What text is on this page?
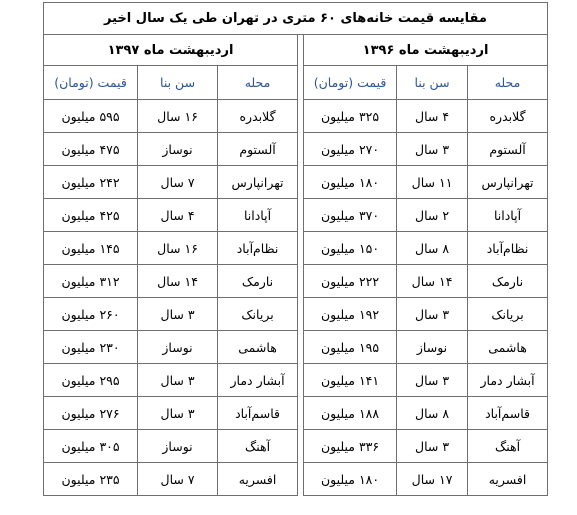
مقایسه قیمت خانه‌های ۶۰ متری در تهران طی یک سال اخیر						
اردیبهشت ماه ۱۳۹۶				اردیبهشت ماه ۱۳۹۷		
محله	سن بنا	قیمت (تومان)		محله	سن بنا	قیمت (تومان)
گلابدره	۴ سال	۳۲۵ میلیون		گلابدره	۱۶ سال	۵۹۵ میلیون
آلستوم	۳ سال	۲۷۰ میلیون		آلستوم	نوساز	۴۷۵ میلیون
تهرانپارس	۱۱ سال	۱۸۰ میلیون		تهرانپارس	۷ سال	۲۴۲ میلیون
آپادانا	۲ سال	۳۷۰ میلیون		آپادانا	۴ سال	۴۲۵ میلیون
نظام‌آباد	۸ سال	۱۵۰ میلیون		نظام‌آباد	۱۶ سال	۱۴۵ میلیون
نارمک	۱۴ سال	۲۲۲ میلیون		نارمک	۱۴ سال	۳۱۲ میلیون
بریانک	۳ سال	۱۹۲ میلیون		بریانک	۳ سال	۲۶۰ میلیون
هاشمی	نوساز	۱۹۵ میلیون		هاشمی	نوساز	۲۳۰ میلیون
آبشار دمار	۳ سال	۱۴۱ میلیون		آبشار دمار	۳ سال	۲۹۵ میلیون
قاسم‌آباد	۸ سال	۱۸۸ میلیون		قاسم‌آباد	۳ سال	۲۷۶ میلیون
آهنگ	۳ سال	۳۳۶ میلیون		آهنگ	نوساز	۳۰۵ میلیون
افسریه	۱۷ سال	۱۸۰ میلیون		افسریه	۷ سال	۲۳۵ میلیون
